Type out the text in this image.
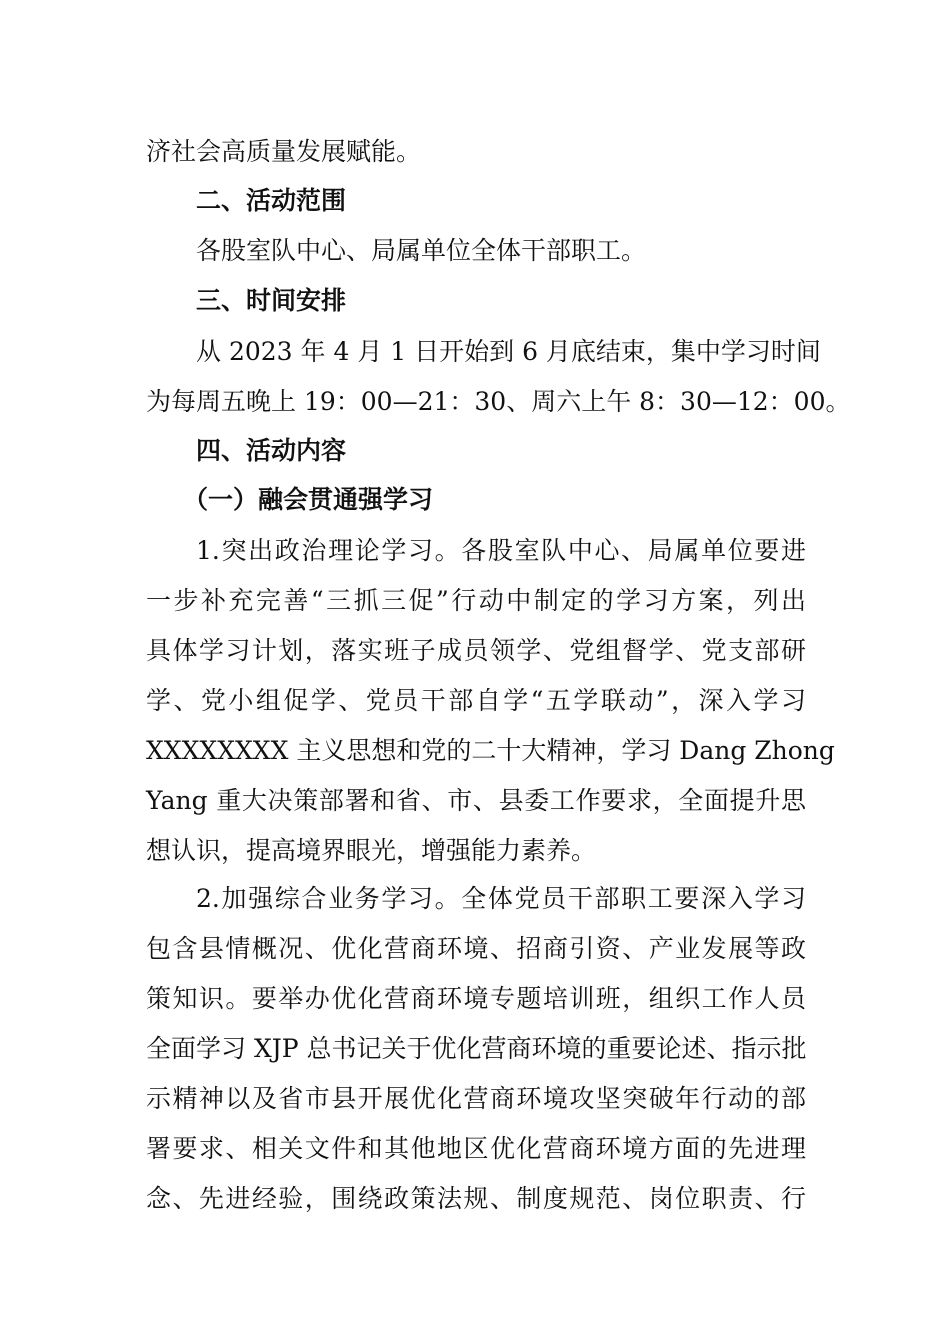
济社会高质量发展赋能。
二、活动范围
各股室队中心、局属单位全体干部职工。
三、时间安排
从 2023 年 4 月 1 日开始到 6 月底结束，集中学习时间
为每周五晚上 19：00—21：30、周六上午 8：30—12：00。
四、活动内容
（一）融会贯通强学习
1.突出政治理论学习。各股室队中心、局属单位要进
一步补充完善“三抓三促”行动中制定的学习方案，列出
具体学习计划，落实班子成员领学、党组督学、党支部研
学、党小组促学、党员干部自学“五学联动”，深入学习
XXXXXXXX 主义思想和党的二十大精神，学习 Dang Zhong
Yang 重大决策部署和省、市、县委工作要求，全面提升思
想认识，提高境界眼光，增强能力素养。
2.加强综合业务学习。全体党员干部职工要深入学习
包含县情概况、优化营商环境、招商引资、产业发展等政
策知识。要举办优化营商环境专题培训班，组织工作人员
全面学习 XJP 总书记关于优化营商环境的重要论述、指示批
示精神以及省市县开展优化营商环境攻坚突破年行动的部
署要求、相关文件和其他地区优化营商环境方面的先进理
念、先进经验，围绕政策法规、制度规范、岗位职责、行
